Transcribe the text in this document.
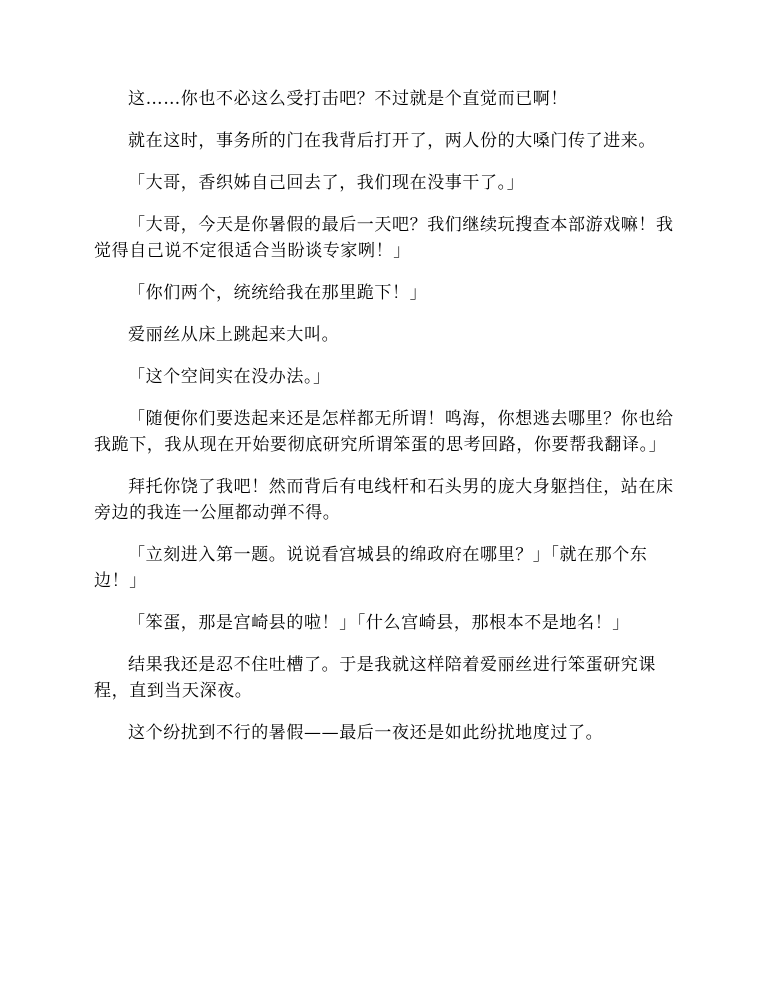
这……你也不必这么受打击吧？不过就是个直觉而已啊！

就在这时，事务所的门在我背后打开了，两人份的大嗓门传了进来。

「大哥，香织姊自己回去了，我们现在没事干了。」

「大哥，今天是你暑假的最后一天吧？我们继续玩搜查本部游戏嘛！我觉得自己说不定很适合当盼谈专家咧！」

「你们两个，统统给我在那里跪下！」

爱丽丝从床上跳起来大叫。

「这个空间实在没办法。」

「随便你们要迭起来还是怎样都无所谓！鸣海，你想逃去哪里？你也给我跪下，我从现在开始要彻底研究所谓笨蛋的思考回路，你要帮我翻译。」

拜托你饶了我吧！然而背后有电线杆和石头男的庞大身躯挡住，站在床旁边的我连一公厘都动弹不得。

「立刻进入第一题。说说看宫城县的绵政府在哪里？」「就在那个东边！」

「笨蛋，那是宫崎县的啦！」「什么宫崎县，那根本不是地名！」

结果我还是忍不住吐槽了。于是我就这样陪着爱丽丝进行笨蛋研究课程，直到当天深夜。

这个纷扰到不行的暑假——最后一夜还是如此纷扰地度过了。
